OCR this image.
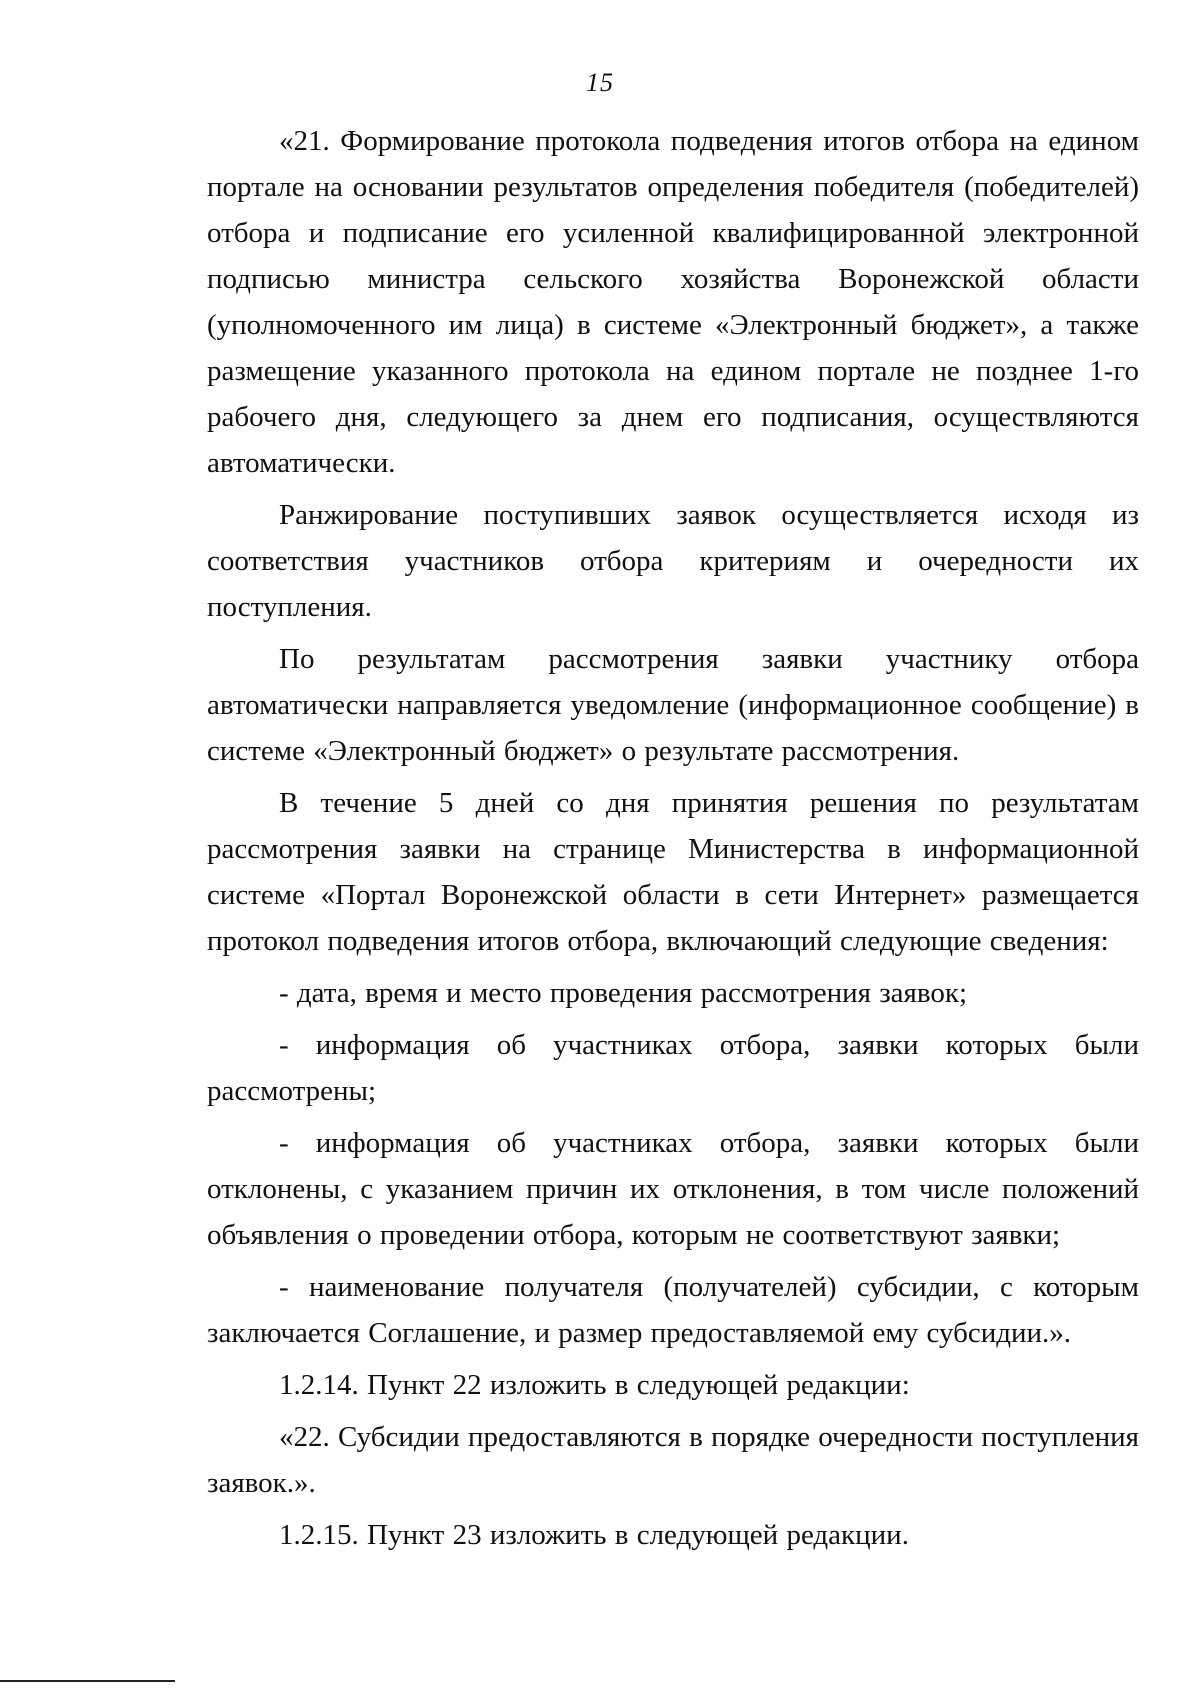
15

«21. Формирование протокола подведения итогов отбора на едином портале на основании результатов определения победителя (победителей) отбора и подписание его усиленной квалифицированной электронной подписью министра сельского хозяйства Воронежской области (уполномоченного им лица) в системе «Электронный бюджет», а также размещение указанного протокола на едином портале не позднее 1-го рабочего дня, следующего за днем его подписания, осуществляются автоматически.

Ранжирование поступивших заявок осуществляется исходя из соответствия участников отбора критериям и очередности их поступления.

По результатам рассмотрения заявки участнику отбора автоматически направляется уведомление (информационное сообщение) в системе «Электронный бюджет» о результате рассмотрения.

В течение 5 дней со дня принятия решения по результатам рассмотрения заявки на странице Министерства в информационной системе «Портал Воронежской области в сети Интернет» размещается протокол подведения итогов отбора, включающий следующие сведения:

- дата, время и место проведения рассмотрения заявок;

- информация об участниках отбора, заявки которых были рассмотрены;

- информация об участниках отбора, заявки которых были отклонены, с указанием причин их отклонения, в том числе положений объявления о проведении отбора, которым не соответствуют заявки;

- наименование получателя (получателей) субсидии, с которым заключается Соглашение, и размер предоставляемой ему субсидии.».

1.2.14. Пункт 22 изложить в следующей редакции:

«22. Субсидии предоставляются в порядке очередности поступления заявок.».

1.2.15. Пункт 23 изложить в следующей редакции.
